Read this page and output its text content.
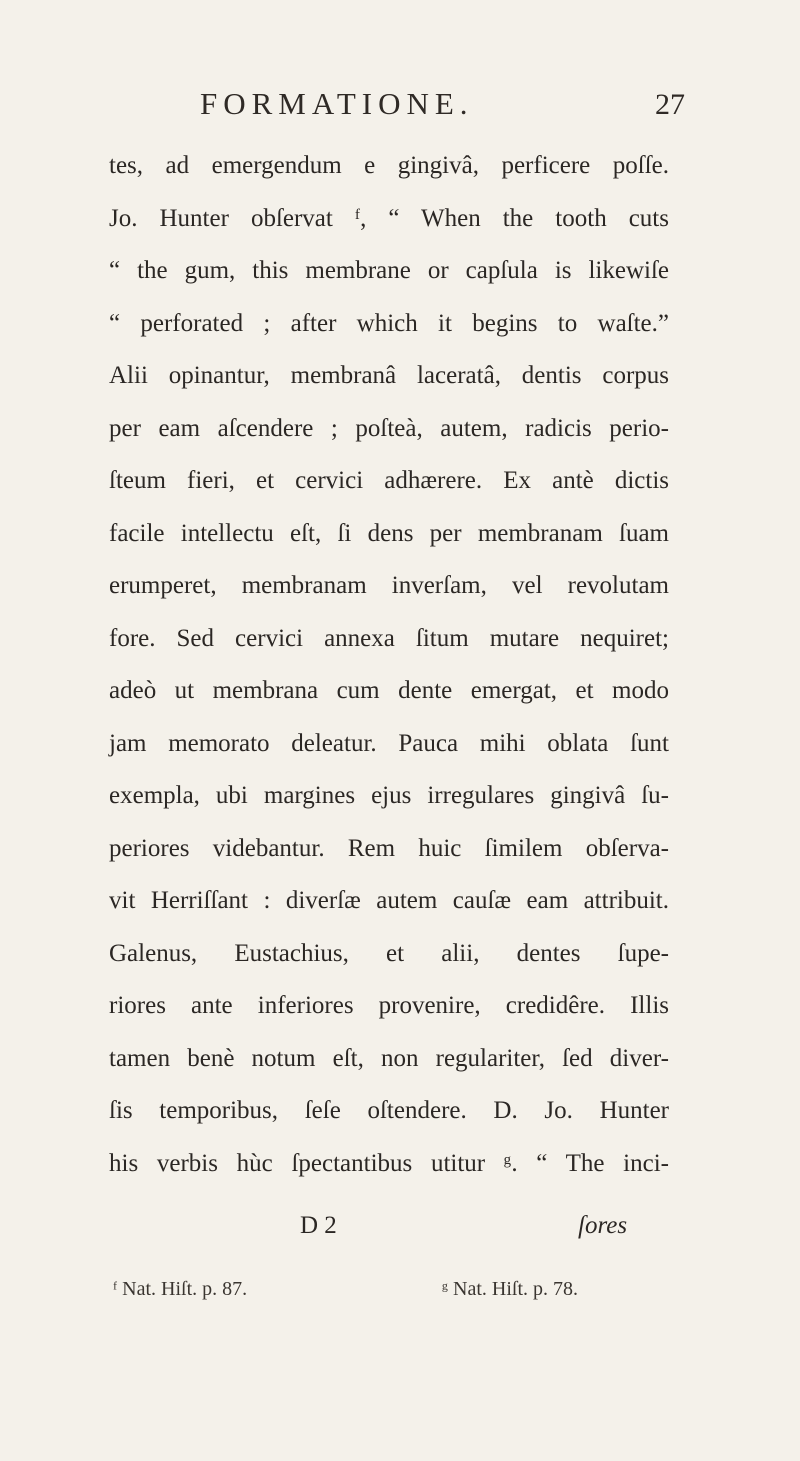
FORMATIONE.	27
tes, ad emergendum e gingivâ, perficere poſſe.
Jo. Hunter obſervat ᶠ, “ When the tooth cuts
“ the gum, this membrane or capſula is likewiſe
“ perforated ; after which it begins to waſte.”
Alii opinantur, membranâ laceratâ, dentis corpus
per eam aſcendere ; poſteà, autem, radicis perio-
ſteum fieri, et cervici adhærere. Ex antè dictis
facile intellectu eſt, ſi dens per membranam ſuam
erumperet, membranam inverſam, vel revolutam
fore. Sed cervici annexa ſitum mutare nequiret;
adeò ut membrana cum dente emergat, et modo
jam memorato deleatur. Pauca mihi oblata ſunt
exempla, ubi margines ejus irregulares gingivâ ſu-
periores videbantur. Rem huic ſimilem obſerva-
vit Herriſſant : diverſæ autem cauſæ eam attribuit.
Galenus, Eustachius, et alii, dentes ſupe-
riores ante inferiores provenire, credidêre. Illis
tamen benè notum eſt, non regulariter, ſed diver-
ſis temporibus, ſeſe oſtendere. D. Jo. Hunter
his verbis hùc ſpectantibus utitur ᵍ. “ The inci-
D 2	ſores
ᶠ Nat. Hiſt. p. 87.	ᵍ Nat. Hiſt. p. 78.
